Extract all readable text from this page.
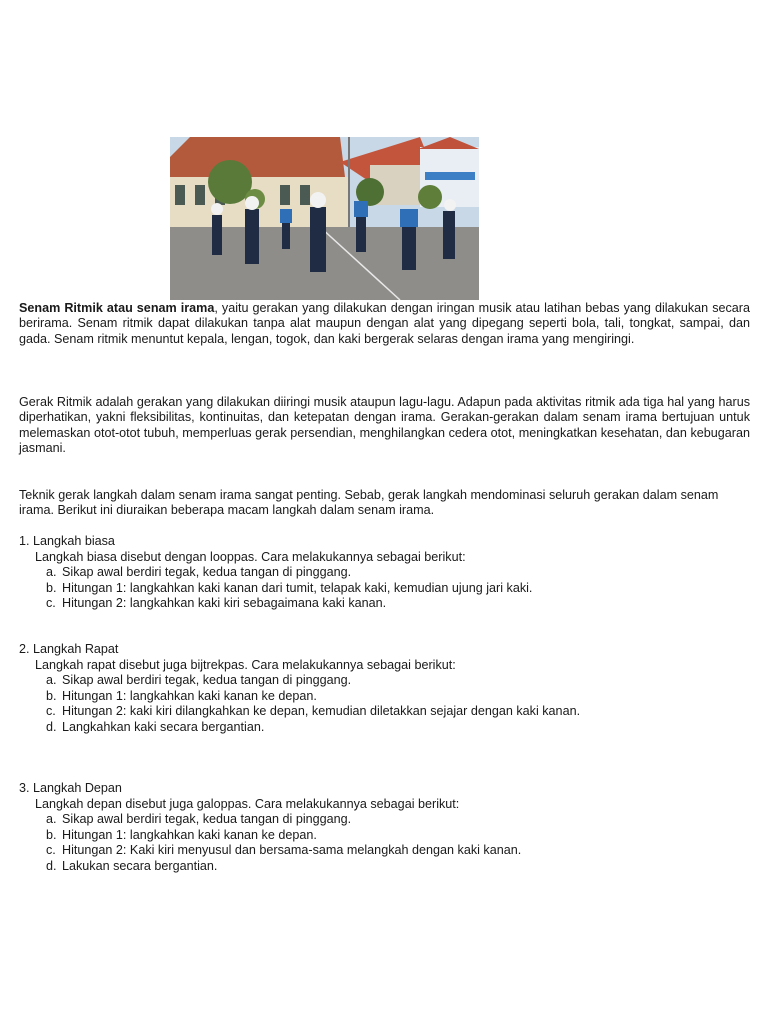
Senam Ritmik atau senam irama, yaitu gerakan yang dilakukan dengan iringan musik atau latihan bebas yang dilakukan secara berirama. Senam ritmik dapat dilakukan tanpa alat maupun dengan alat yang dipegang seperti bola, tali, tongkat, sampai, dan gada. Senam ritmik menuntut kepala, lengan, togok, dan kaki bergerak selaras dengan irama yang mengiringi.
Gerak Ritmik adalah gerakan yang dilakukan diiringi musik ataupun lagu-lagu. Adapun pada aktivitas ritmik ada tiga hal yang harus diperhatikan, yakni fleksibilitas, kontinuitas, dan ketepatan dengan irama. Gerakan-gerakan dalam senam irama bertujuan untuk melemaskan otot-otot tubuh, memperluas gerak persendian, menghilangkan cedera otot, meningkatkan kesehatan, dan kebugaran jasmani.
Teknik gerak langkah dalam senam irama sangat penting. Sebab, gerak langkah mendominasi seluruh gerakan dalam senam irama. Berikut ini diuraikan beberapa macam langkah dalam senam irama.

1. Langkah biasa

Langkah biasa disebut dengan looppas. Cara melakukannya sebagai berikut:

a. Sikap awal berdiri tegak, kedua tangan di pinggang.
b. Hitungan 1: langkahkan kaki kanan dari tumit, telapak kaki, kemudian ujung jari kaki.
c. Hitungan 2: langkahkan kaki kiri sebagaimana kaki kanan.

2. Langkah Rapat

Langkah rapat disebut juga bijtrekpas. Cara melakukannya sebagai berikut:

a. Sikap awal berdiri tegak, kedua tangan di pinggang.
b. Hitungan 1: langkahkan kaki kanan ke depan.
c. Hitungan 2: kaki kiri dilangkahkan ke depan, kemudian diletakkan sejajar dengan kaki kanan.
d. Langkahkan kaki secara bergantian.

3. Langkah Depan

Langkah depan disebut juga galoppas. Cara melakukannya sebagai berikut:

a. Sikap awal berdiri tegak, kedua tangan di pinggang.
b. Hitungan 1: langkahkan kaki kanan ke depan.
c. Hitungan 2: Kaki kiri menyusul dan bersama-sama melangkah dengan kaki kanan.
d. Lakukan secara bergantian.
